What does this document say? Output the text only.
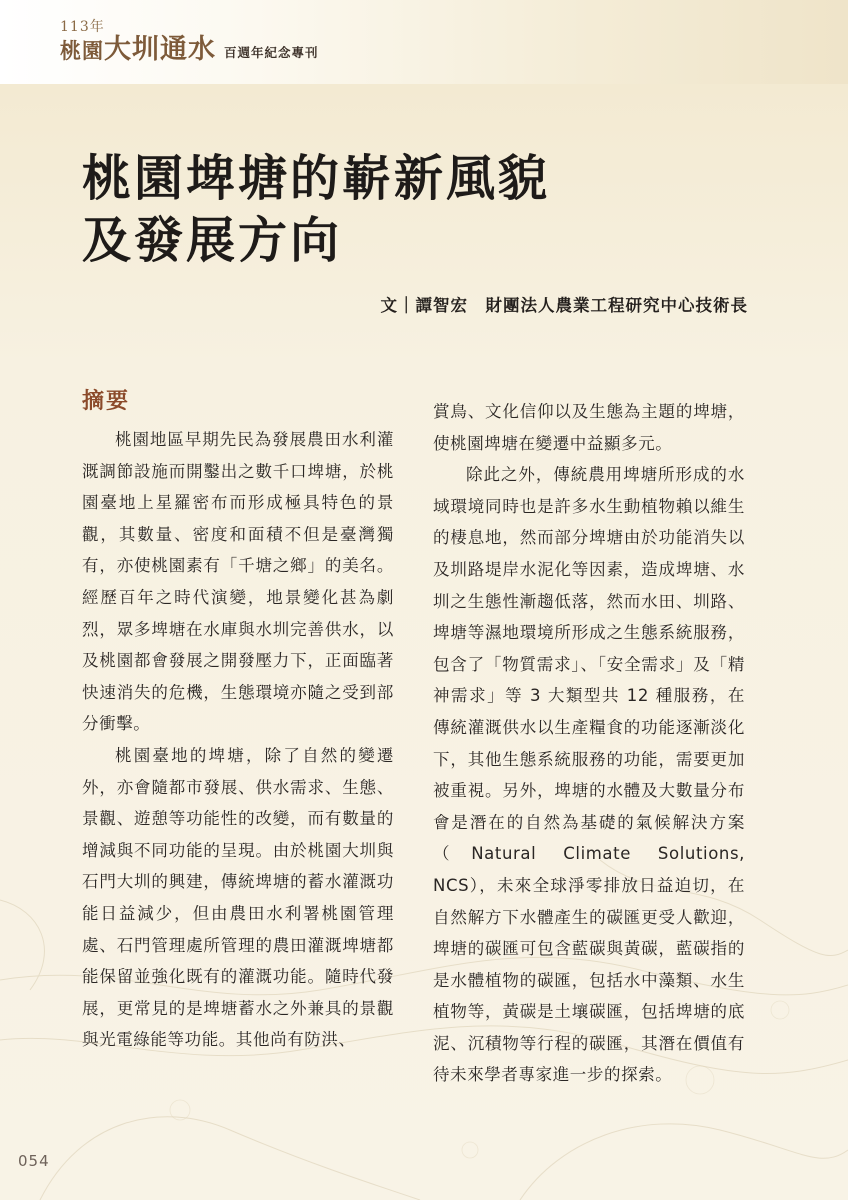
113年
桃園大圳通水 百週年紀念專刊
桃園埤塘的嶄新風貌
及發展方向
文｜譚智宏　財團法人農業工程研究中心技術長
摘要

桃園地區早期先民為發展農田水利灌溉調節設施而開鑿出之數千口埤塘，於桃園臺地上星羅密布而形成極具特色的景觀，其數量、密度和面積不但是臺灣獨有，亦使桃園素有「千塘之鄉」的美名。經歷百年之時代演變，地景變化甚為劇烈，眾多埤塘在水庫與水圳完善供水，以及桃園都會發展之開發壓力下，正面臨著快速消失的危機，生態環境亦隨之受到部分衝擊。

桃園臺地的埤塘，除了自然的變遷外，亦會隨都市發展、供水需求、生態、景觀、遊憩等功能性的改變，而有數量的增減與不同功能的呈現。由於桃園大圳與石門大圳的興建，傳統埤塘的蓄水灌溉功能日益減少，但由農田水利署桃園管理處、石門管理處所管理的農田灌溉埤塘都能保留並強化既有的灌溉功能。隨時代發展，更常見的是埤塘蓄水之外兼具的景觀與光電綠能等功能。其他尚有防洪、

賞鳥、文化信仰以及生態為主題的埤塘，使桃園埤塘在變遷中益顯多元。

除此之外，傳統農用埤塘所形成的水域環境同時也是許多水生動植物賴以維生的棲息地，然而部分埤塘由於功能消失以及圳路堤岸水泥化等因素，造成埤塘、水圳之生態性漸趨低落，然而水田、圳路、埤塘等濕地環境所形成之生態系統服務，包含了「物質需求」、「安全需求」及「精神需求」等 3 大類型共 12 種服務，在傳統灌溉供水以生產糧食的功能逐漸淡化下，其他生態系統服務的功能，需要更加被重視。另外，埤塘的水體及大數量分布會是潛在的自然為基礎的氣候解決方案（Natural Climate Solutions, NCS），未來全球淨零排放日益迫切，在自然解方下水體產生的碳匯更受人歡迎，埤塘的碳匯可包含藍碳與黃碳，藍碳指的是水體植物的碳匯，包括水中藻類、水生植物等，黃碳是土壤碳匯，包括埤塘的底泥、沉積物等行程的碳匯，其潛在價值有待未來學者專家進一步的探索。

054
